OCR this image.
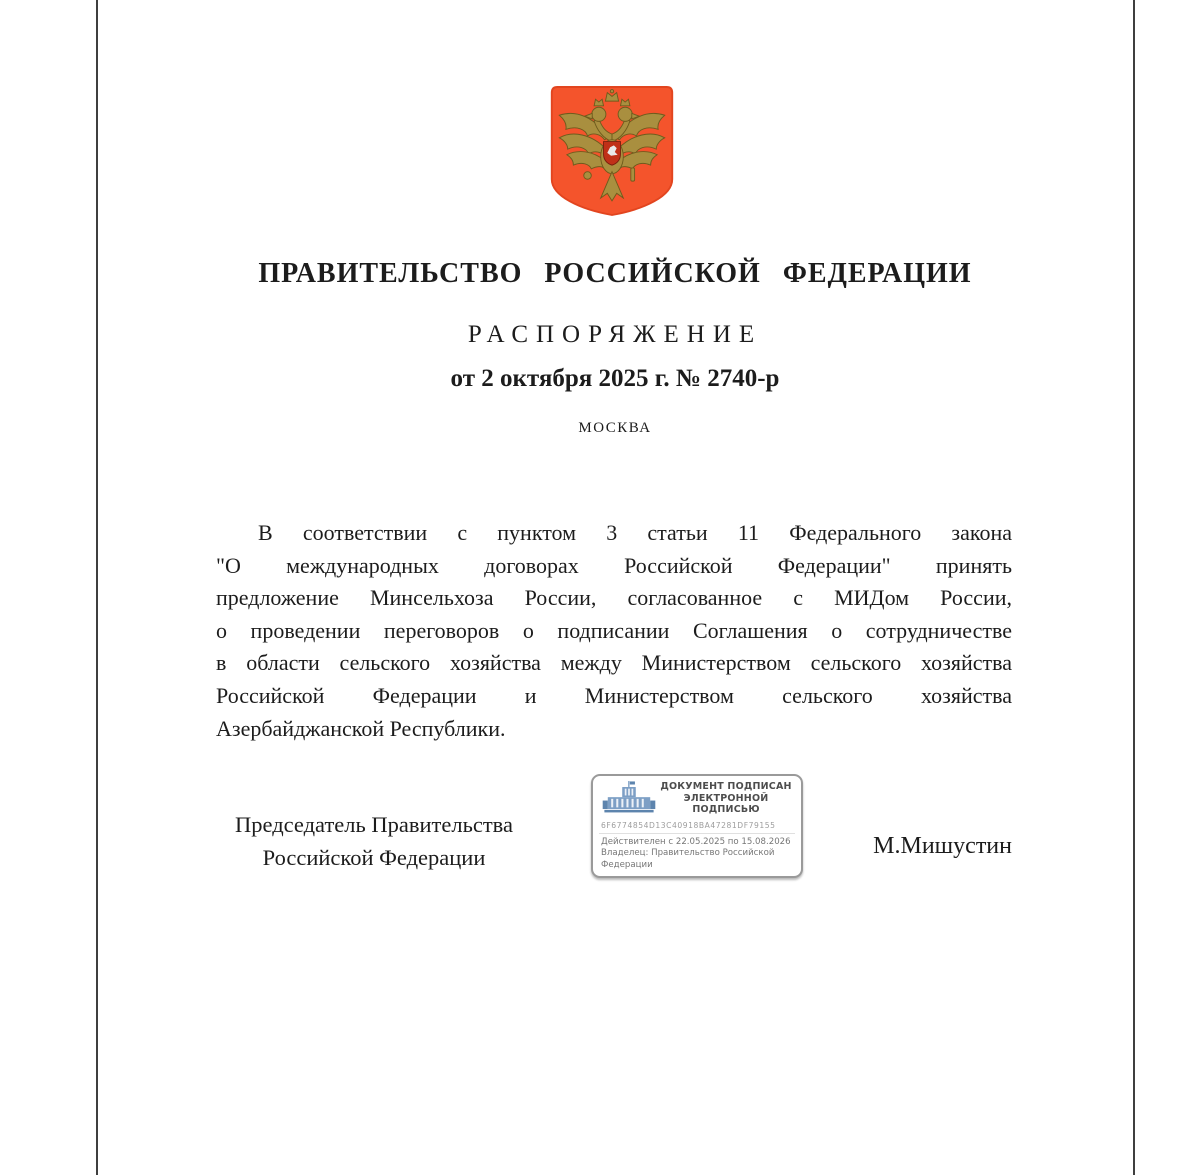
ПРАВИТЕЛЬСТВО РОССИЙСКОЙ ФЕДЕРАЦИИ
РАСПОРЯЖЕНИЕ
от 2 октября 2025 г. № 2740-р
МОСКВА
В соответствии с пунктом 3 статьи 11 Федерального закона
"О международных договорах Российской Федерации" принять
предложение Минсельхоза России, согласованное с МИДом России,
о проведении переговоров о подписании Соглашения о сотрудничестве
в области сельского хозяйства между Министерством сельского хозяйства
Российской Федерации и Министерством сельского хозяйства
Азербайджанской Республики.
Председатель Правительства
Российской Федерации
ДОКУМЕНТ ПОДПИСАН
ЭЛЕКТРОННОЙ ПОДПИСЬЮ
6F6774854D13C40918BA47281DF79155
Действителен с 22.05.2025 по 15.08.2026
Владелец: Правительство Российской
Федерации
М.Мишустин
